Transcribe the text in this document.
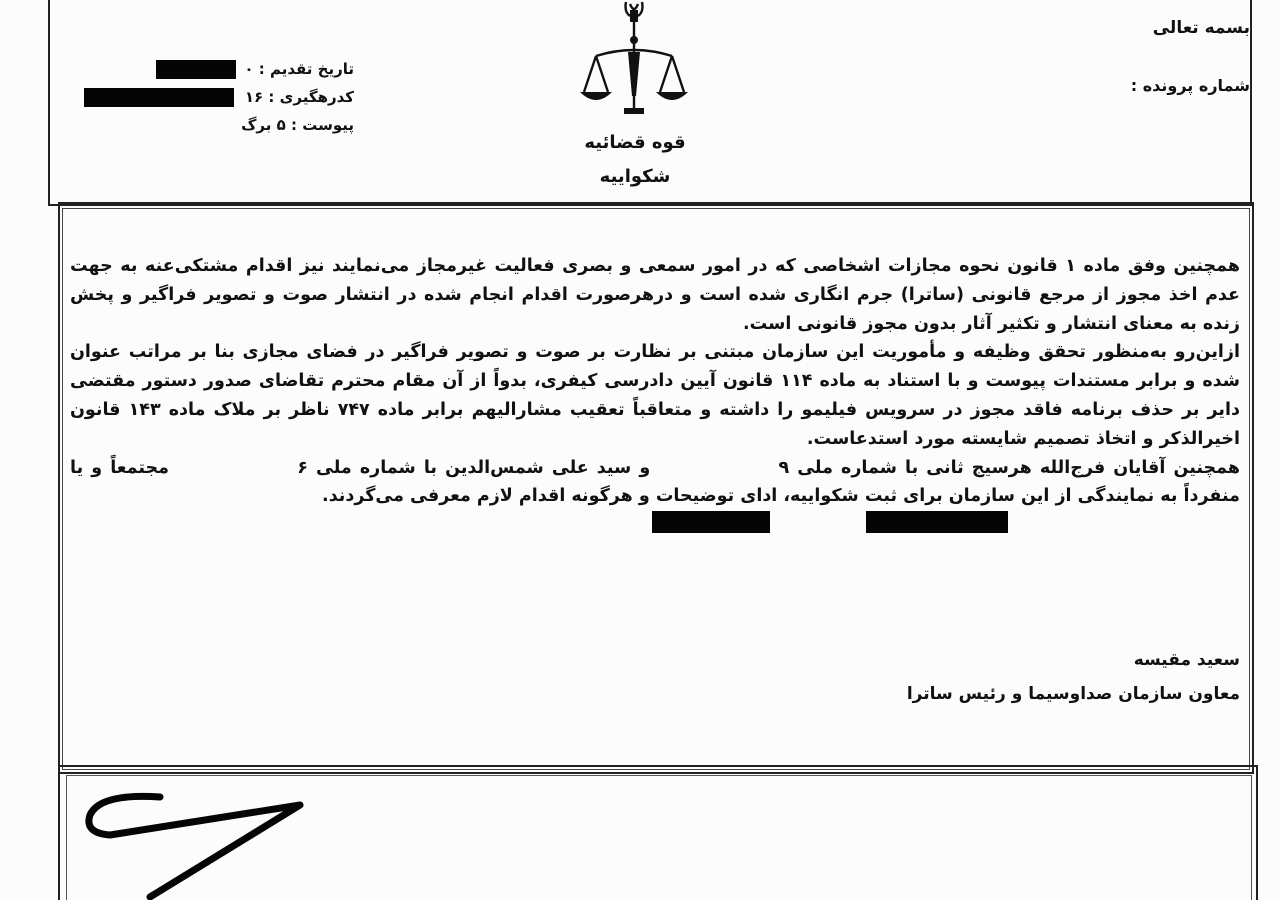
بسمه تعالی
شماره پرونده :
قوه قضائیه
شکواییه
تاریخ تقدیم : ۰
کدرهگیری : ۱۶
پیوست : ۵ برگ

همچنین وفق ماده ۱ قانون نحوه مجازات اشخاصی که در امور سمعی و بصری فعالیت غیرمجاز می‌نمایند نیز اقدام مشتکی‌عنه به جهت عدم اخذ مجوز از مرجع قانونی (ساترا) جرم انگاری شده است و درهرصورت اقدام انجام شده در انتشار صوت و تصویر فراگیر و پخش زنده به معنای انتشار و تکثیر آثار بدون مجوز قانونی است.

ازاین‌رو به‌منظور تحقق وظیفه و مأموریت این سازمان مبتنی بر نظارت بر صوت و تصویر فراگیر در فضای مجازی بنا بر مراتب عنوان شده و برابر مستندات پیوست و با استناد به ماده ۱۱۴ قانون آیین دادرسی کیفری، بدواً از آن مقام محترم تقاضای صدور دستور مقتضی دایر بر حذف برنامه فاقد مجوز در سرویس فیلیمو را داشته و متعاقباً تعقیب مشارالیهم برابر ماده ۷۴۷ ناظر بر ملاک ماده ۱۴۳ قانون اخیرالذکر و اتخاذ تصمیم شایسته مورد استدعاست.

همچنین آقایان فرج‌الله هرسیج ثانی با شماره ملی ۹  و سید علی شمس‌الدین با شماره ملی ۶  مجتمعاً و یا منفرداً به نمایندگی از این سازمان برای ثبت شکواییه، ادای توضیحات و هرگونه اقدام لازم معرفی می‌گردند.

سعید مقیسه
معاون سازمان صداوسیما و رئیس ساترا
